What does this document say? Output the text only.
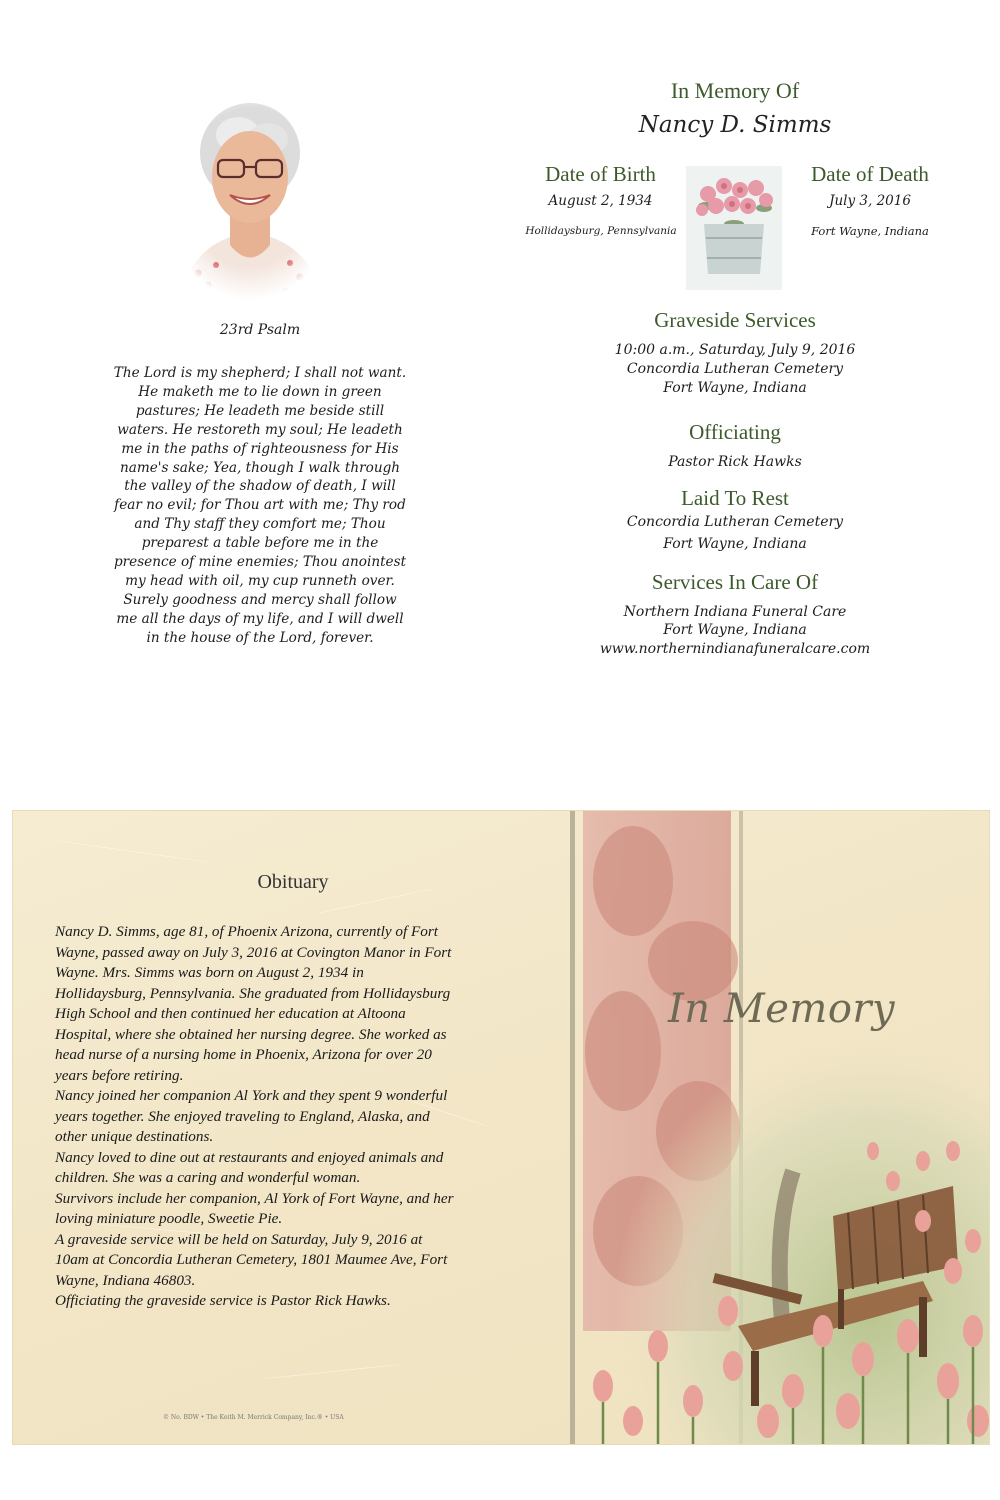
23rd Psalm

The Lord is my shepherd; I shall not want. He maketh me to lie down in green pastures; He leadeth me beside still waters. He restoreth my soul; He leadeth me in the paths of righteousness for His name's sake; Yea, though I walk through the valley of the shadow of death, I will fear no evil; for Thou art with me; Thy rod and Thy staff they comfort me; Thou preparest a table before me in the presence of mine enemies; Thou anointest my head with oil, my cup runneth over. Surely goodness and mercy shall follow me all the days of my life, and I will dwell in the house of the Lord, forever.

In Memory Of
Nancy D. Simms
Date of Birth
August 2, 1934
Hollidaysburg, Pennsylvania
Date of Death
July 3, 2016
Fort Wayne, Indiana
Graveside Services
10:00 a.m., Saturday, July 9, 2016
Concordia Lutheran Cemetery
Fort Wayne, Indiana
Officiating
Pastor Rick Hawks
Laid To Rest
Concordia Lutheran Cemetery
Fort Wayne, Indiana
Services In Care Of
Northern Indiana Funeral Care
Fort Wayne, Indiana
www.northernindianafuneralcare.com
Obituary
Nancy D. Simms, age 81, of Phoenix Arizona, currently of Fort Wayne, passed away on July 3, 2016 at Covington Manor in Fort Wayne. Mrs. Simms was born on August 2, 1934 in Hollidaysburg, Pennsylvania. She graduated from Hollidaysburg High School and then continued her education at Altoona Hospital, where she obtained her nursing degree. She worked as head nurse of a nursing home in Phoenix, Arizona for over 20 years before retiring.
Nancy joined her companion Al York and they spent 9 wonderful years together. She enjoyed traveling to England, Alaska, and other unique destinations.
Nancy loved to dine out at restaurants and enjoyed animals and children. She was a caring and wonderful woman.
Survivors include her companion, Al York of Fort Wayne, and her loving miniature poodle, Sweetie Pie.
A graveside service will be held on Saturday, July 9, 2016 at 10am at Concordia Lutheran Cemetery, 1801 Maumee Ave, Fort Wayne, Indiana 46803.
Officiating the graveside service is Pastor Rick Hawks.
© No. BDW • The Keith M. Merrick Company, Inc.® • USA
In Memory
